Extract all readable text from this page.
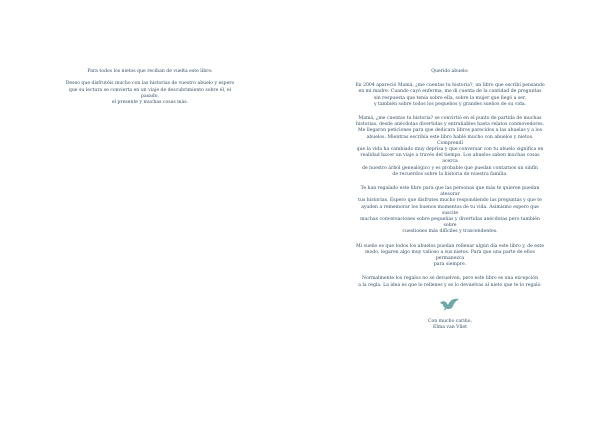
Para todos los nietos que reciban de vuelta este libro:

Deseo que disfrutéis mucho con las historias de vuestro abuelo y espero

que su lectura se convierta en un viaje de descubrimiento sobre él, el pasado,

el presente y muchas cosas más.

Querido abuelo:

En 2004 apareció Mamá, ¿me cuentas tu historia?, un libro que escribí pensando

en mi madre. Cuando cayó enferma, me di cuenta de la cantidad de preguntas

sin respuesta que tenía sobre ella, sobre la mujer que llegó a ser,

y también sobre todos los pequeños y grandes sueños de su vida.

Mamá, ¿me cuentas tu historia? se convirtió en el punto de partida de muchas

historias, desde anécdotas divertidas y entrañables hasta relatos conmovedores.

Me llegaron peticiones para que dedicara libros parecidos a las abuelas y a los

abuelos. Mientras escribía este libro hablé mucho con abuelos y nietos. Comprendí

que la vida ha cambiado muy deprisa y que conversar con tu abuelo significa en

realidad hacer un viaje a través del tiempo. Los abuelos saben muchas cosas acerca

de nuestro árbol genealógico y es probable que puedan contarnos un sinfín

de recuerdos sobre la historia de nuestra familia.

Te han regalado este libro para que las personas que más te quieren puedan atesorar

tus historias. Espero que disfrutes mucho respondiendo las preguntas y que te

ayuden a rememorar los buenos momentos de tu vida. Asimismo espero que suscite

muchas conversaciones sobre pequeñas y divertidas anécdotas pero también sobre

cuestiones más difíciles y trascendentes.

Mi sueño es que todos los abuelos puedan rellenar algún día este libro y, de este

modo, legaren algo muy valioso a sus nietos. Para que una parte de ellos permanezca

para siempre.

Normalmente los regalos no se devuelven, pero este libro es una excepción

a la regla. La idea es que lo rellenes y se lo devuelvas al nieto que te lo regaló.

Con mucho cariño,

Elma van Vliet
